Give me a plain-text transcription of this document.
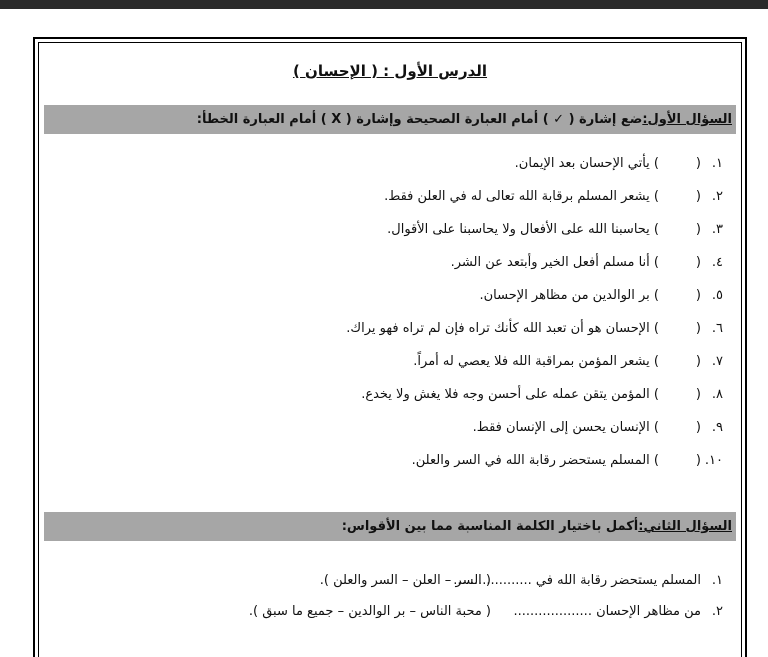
الدرس الأول : ( الإحسان )
السؤال الأول:
ضع إشارة ( ✓ ) أمام العبارة الصحيحة وإشارة ( X ) أمام العبارة الخطأ:
١.
(
) يأتي الإحسان بعد الإيمان.
٢.
(
) يشعر المسلم برقابة الله تعالى له في العلن فقط.
٣.
(
) يحاسبنا الله على الأفعال ولا يحاسبنا على الأقوال.
٤.
(
) أنا مسلم أفعل الخير وأبتعد عن الشر.
٥.
(
) بر الوالدين من مظاهر الإحسان.
٦.
(
) الإحسان هو أن تعبد الله كأنك تراه فإن لم تراه فهو يراك.
٧.
(
) يشعر المؤمن بمراقبة الله فلا يعصي له أمراً.
٨.
(
) المؤمن يتقن عمله على أحسن وجه فلا يغش ولا يخدع.
٩.
(
) الإنسان يحسن إلى الإنسان فقط.
١٠.
(
) المسلم يستحضر رقابة الله في السر والعلن.
السؤال الثاني:
أكمل باختيار الكلمة المناسبة مما بين الأقواس:
١.
المسلم يستحضر رقابة الله في ...................
( السر – العلن – السر والعلن ).
٢.
من مظاهر الإحسان ...................
( محبة الناس – بر الوالدين – جميع ما سبق ).
